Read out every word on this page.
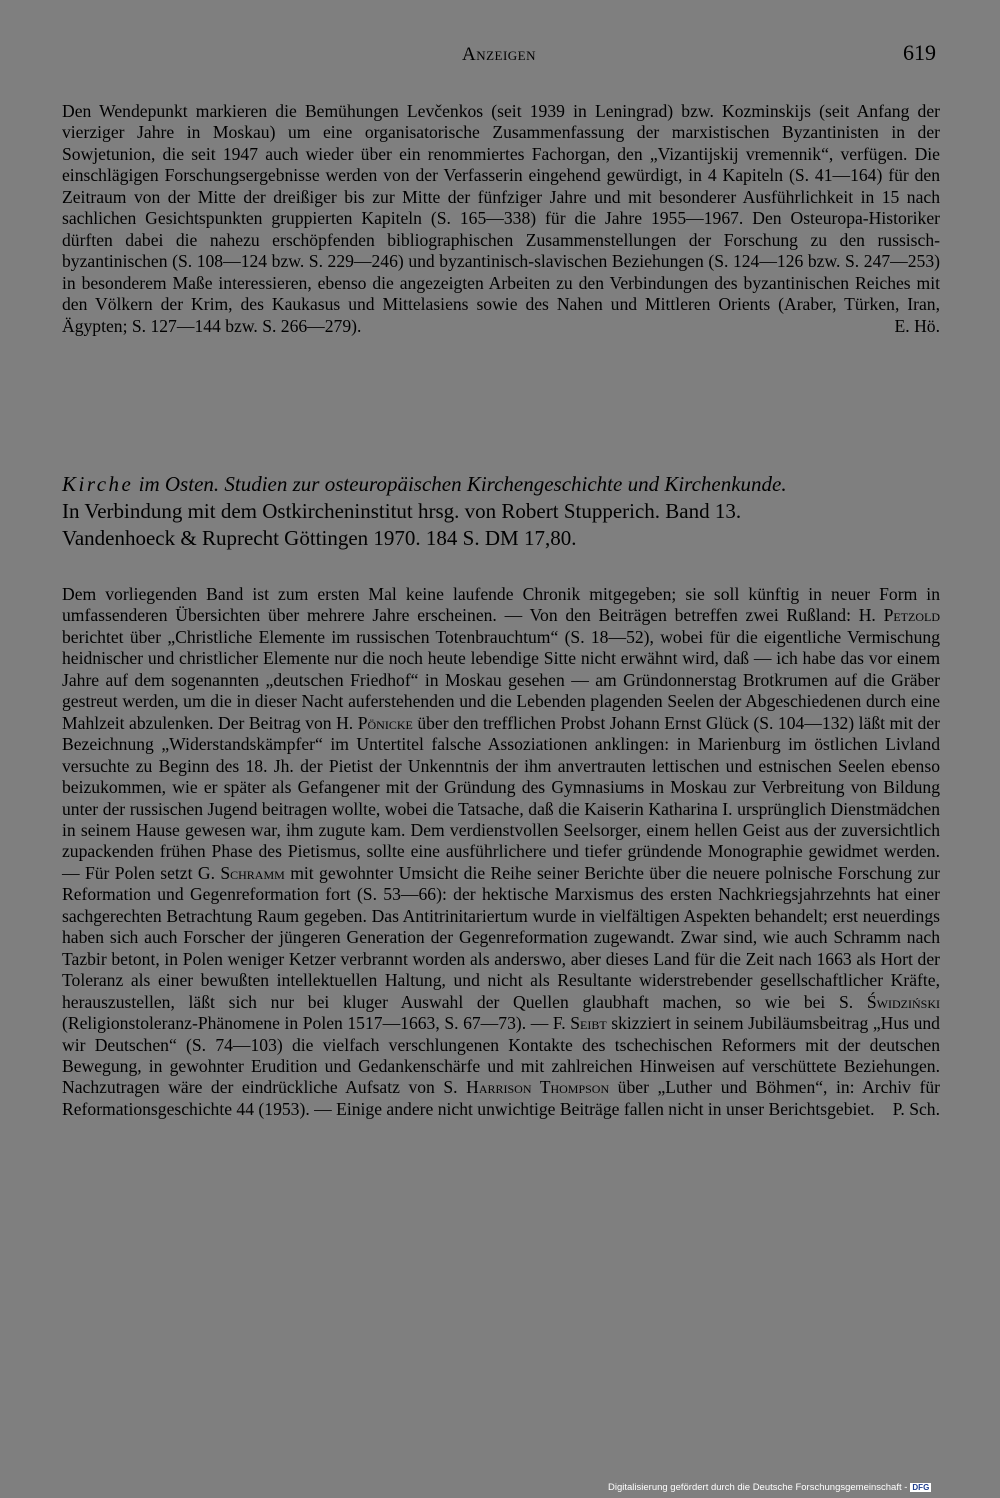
Anzeigen	619
Den Wendepunkt markieren die Bemühungen Levčenkos (seit 1939 in Leningrad) bzw. Kozminskijs (seit Anfang der vierziger Jahre in Moskau) um eine organisatorische Zusammenfassung der marxistischen Byzantinisten in der Sowjetunion, die seit 1947 auch wieder über ein renommiertes Fachorgan, den „Vizantijskij vremennik“, verfügen. Die einschlägigen Forschungsergebnisse werden von der Verfasserin eingehend gewürdigt, in 4 Kapiteln (S. 41—164) für den Zeitraum von der Mitte der dreißiger bis zur Mitte der fünfziger Jahre und mit besonderer Ausführlichkeit in 15 nach sachlichen Gesichtspunkten gruppierten Kapiteln (S. 165—338) für die Jahre 1955—1967. Den Osteuropa-Historiker dürften dabei die nahezu erschöpfenden bibliographischen Zusammenstellungen der Forschung zu den russisch-byzantinischen (S. 108—124 bzw. S. 229—246) und byzantinisch-slavischen Beziehungen (S. 124—126 bzw. S. 247—253) in besonderem Maße interessieren, ebenso die angezeigten Arbeiten zu den Verbindungen des byzantinischen Reiches mit den Völkern der Krim, des Kaukasus und Mittelasiens sowie des Nahen und Mittleren Orients (Araber, Türken, Iran, Ägypten; S. 127—144 bzw. S. 266—279).	E. Hö.
Kirche im Osten. Studien zur osteuropäischen Kirchengeschichte und Kirchenkunde.
In Verbindung mit dem Ostkircheninstitut hrsg. von Robert Stupperich. Band 13.
Vandenhoeck & Ruprecht Göttingen 1970. 184 S. DM 17,80.
Dem vorliegenden Band ist zum ersten Mal keine laufende Chronik mitgegeben; sie soll künftig in neuer Form in umfassenderen Übersichten über mehrere Jahre erscheinen. — Von den Beiträgen betreffen zwei Rußland: H. Petzold berichtet über „Christliche Elemente im russischen Totenbrauchtum“ (S. 18—52), wobei für die eigentliche Vermischung heidnischer und christlicher Elemente nur die noch heute lebendige Sitte nicht erwähnt wird, daß — ich habe das vor einem Jahre auf dem sogenannten „deutschen Friedhof“ in Moskau gesehen — am Gründonnerstag Brotkrumen auf die Gräber gestreut werden, um die in dieser Nacht auferstehenden und die Lebenden plagenden Seelen der Abgeschiedenen durch eine Mahlzeit abzulenken. Der Beitrag von H. Pönicke über den trefflichen Probst Johann Ernst Glück (S. 104—132) läßt mit der Bezeichnung „Widerstandskämpfer“ im Untertitel falsche Assoziationen anklingen: in Marienburg im östlichen Livland versuchte zu Beginn des 18. Jh. der Pietist der Unkenntnis der ihm anvertrauten lettischen und estnischen Seelen ebenso beizukommen, wie er später als Gefangener mit der Gründung des Gymnasiums in Moskau zur Verbreitung von Bildung unter der russischen Jugend beitragen wollte, wobei die Tatsache, daß die Kaiserin Katharina I. ursprünglich Dienstmädchen in seinem Hause gewesen war, ihm zugute kam. Dem verdienstvollen Seelsorger, einem hellen Geist aus der zuversichtlich zupackenden frühen Phase des Pietismus, sollte eine ausführlichere und tiefer gründende Monographie gewidmet werden. — Für Polen setzt G. Schramm mit gewohnter Umsicht die Reihe seiner Berichte über die neuere polnische Forschung zur Reformation und Gegenreformation fort (S. 53—66): der hektische Marxismus des ersten Nachkriegsjahrzehnts hat einer sachgerechten Betrachtung Raum gegeben. Das Antitrinitariertum wurde in vielfältigen Aspekten behandelt; erst neuerdings haben sich auch Forscher der jüngeren Generation der Gegenreformation zugewandt. Zwar sind, wie auch Schramm nach Tazbir betont, in Polen weniger Ketzer verbrannt worden als anderswo, aber dieses Land für die Zeit nach 1663 als Hort der Toleranz als einer bewußten intellektuellen Haltung, und nicht als Resultante widerstrebender gesellschaftlicher Kräfte, herauszustellen, läßt sich nur bei kluger Auswahl der Quellen glaubhaft machen, so wie bei S. Świdziński (Religionstoleranz-Phänomene in Polen 1517—1663, S. 67—73). — F. Seibt skizziert in seinem Jubiläumsbeitrag „Hus und wir Deutschen“ (S. 74—103) die vielfach verschlungenen Kontakte des tschechischen Reformers mit der deutschen Bewegung, in gewohnter Erudition und Gedankenschärfe und mit zahlreichen Hinweisen auf verschüttete Beziehungen. Nachzutragen wäre der eindrückliche Aufsatz von S. Harrison Thompson über „Luther und Böhmen“, in: Archiv für Reformationsgeschichte 44 (1953). — Einige andere nicht unwichtige Beiträge fallen nicht in unser Berichtsgebiet. P. Sch.
Digitalisierung gefördert durch die Deutsche Forschungsgemeinschaft - DFG
